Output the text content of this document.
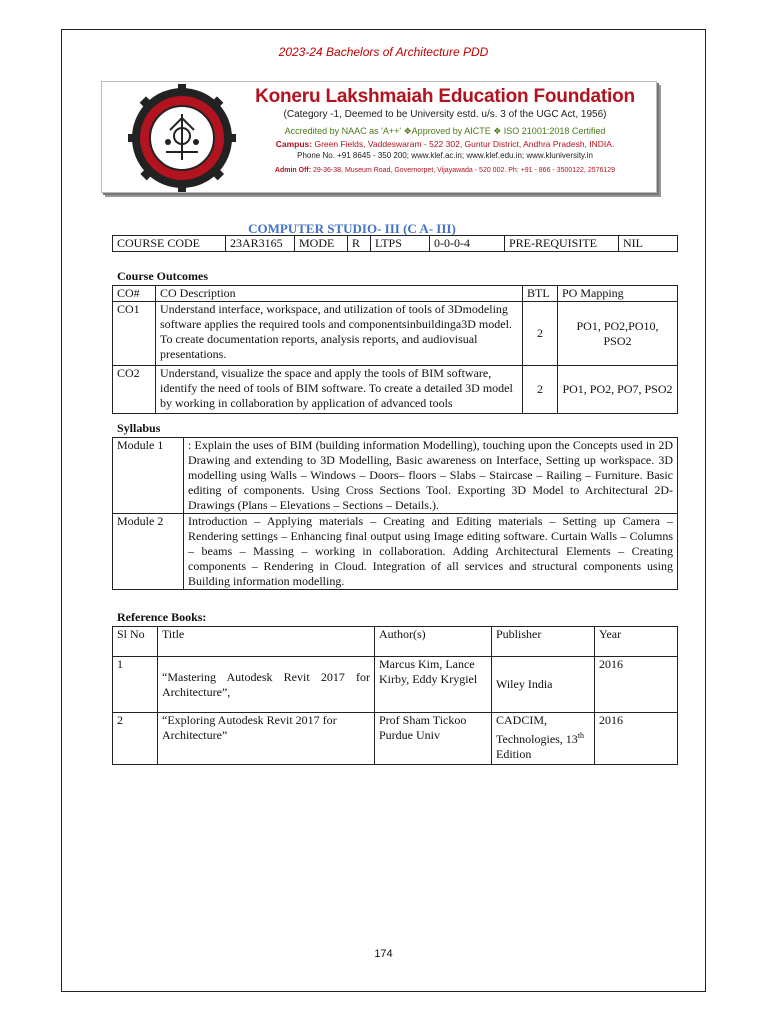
2023-24 Bachelors of Architecture PDD
Koneru Lakshmaiah Education Foundation
(Category -1, Deemed to be University estd. u/s. 3 of the UGC Act, 1956)
Accredited by NAAC as 'A++' ❖Approved by AICTE ❖ ISO 21001:2018 Certified
Campus: Green Fields, Vaddeswaram - 522 302, Guntur District, Andhra Pradesh, INDIA.
Phone No. +91 8645 - 350 200; www.klef.ac.in; www.klef.edu.in; www.kluniversity.in
Admin Off: 29-36-38, Museum Road, Governorpet, Vijayawada - 520 002. Ph: +91 - 866 - 3500122, 2576129
COMPUTER STUDIO- III (C A- III)
COURSE CODE	23AR3165	MODE	R	LTPS	0-0-0-4	PRE-REQUISITE	NIL
Course Outcomes
CO#	CO Description	BTL	PO Mapping
CO1	Understand interface, workspace, and utilization of tools of 3Dmodeling software applies the required tools and componentsinbuildinga3D model. To create documentation reports, analysis reports, and audiovisual presentations.	2	PO1, PO2,PO10, PSO2
CO2	Understand, visualize the space and apply the tools of BIM software, identify the need of tools of BIM software. To create a detailed 3D model by working in collaboration by application of advanced tools	2	PO1, PO2, PO7, PSO2
Syllabus
Module 1	: Explain the uses of BIM (building information Modelling), touching upon the Concepts used in 2D Drawing and extending to 3D Modelling, Basic awareness on Interface, Setting up workspace. 3D modelling using Walls – Windows – Doors– floors – Slabs – Staircase – Railing – Furniture. Basic editing of components. Using Cross Sections Tool. Exporting 3D Model to Architectural 2D- Drawings (Plans – Elevations – Sections – Details.).
Module 2	Introduction – Applying materials – Creating and Editing materials – Setting up Camera – Rendering settings – Enhancing final output using Image editing software. Curtain Walls – Columns – beams – Massing – working in collaboration. Adding Architectural Elements – Creating components – Rendering in Cloud. Integration of all services and structural components using Building information modelling.
Reference Books:
Sl No	Title	Author(s)	Publisher	Year
1	“Mastering Autodesk Revit 2017 for Architecture”,	Marcus Kim, Lance Kirby, Eddy Krygiel	Wiley India	2016
2	“Exploring Autodesk Revit 2017 for Architecture”	Prof Sham Tickoo Purdue Univ	CADCIM, Technologies, 13th Edition	2016
174
